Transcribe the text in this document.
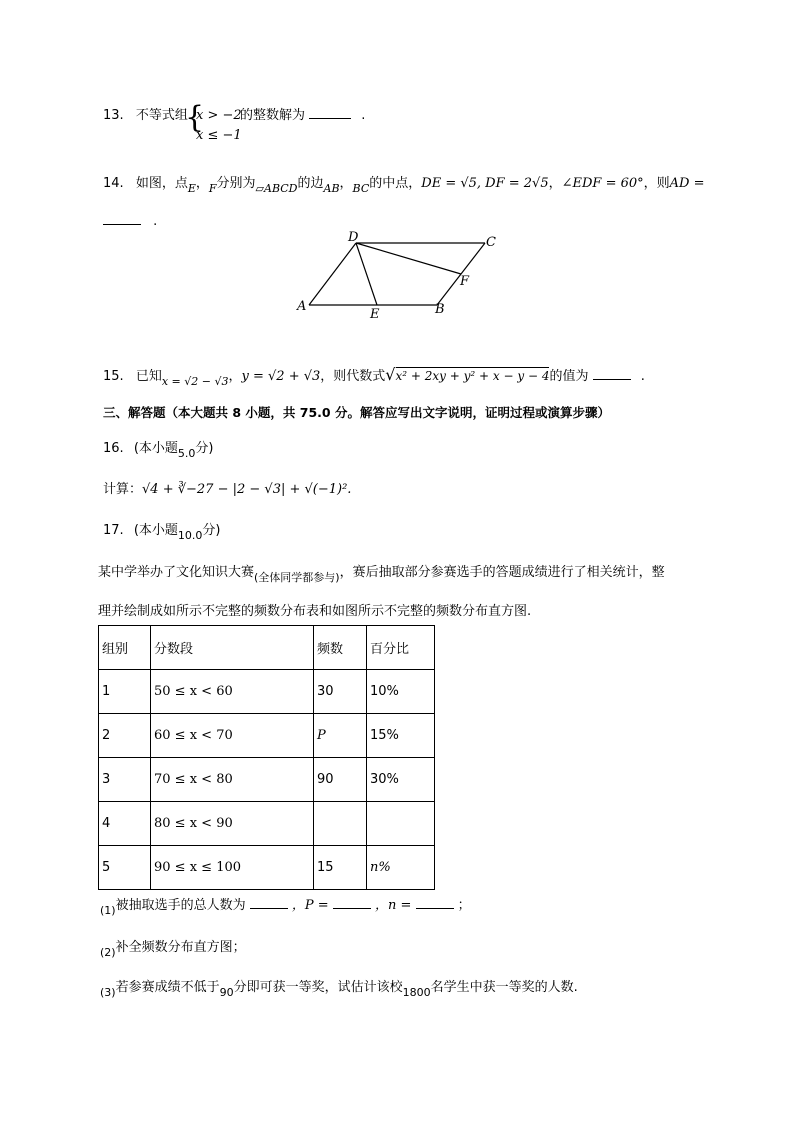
13. 不等式组
{
x > −2
x ≤ −1
的整数解为	.
14. 如图，点$_E$，$_F$分别为$_{▱ABCD}$的边$_{AB}$，$_{BC}$的中点，DE = √5, DF = 2√5，∠EDF = 60°，则AD =
.
A
D	C
F
E	B
15. 已知$_{x = √2 - √3}$，y = √2 + √3，则代数式√x² + 2xy + y² + x − y − 4的值为	.
三、解答题（本大题共 8 小题，共 75.0 分。解答应写出文字说明，证明过程或演算步骤）
16. (本小题$_{5.0}$分)
计算：√4 + ∛−27 − |2 − √3| + √(−1)².
17. (本小题$_{10.0}$分)
某中学举办了文化知识大赛$_{(全体同学都参与)}$，赛后抽取部分参赛选手的答题成绩进行了相关统计，整
理并绘制成如所示不完整的频数分布表和如图所示不完整的频数分布直方图.
组别	分数段	频数	百分比
1	50 ≤ x < 60	30	10%
2	60 ≤ x < 70	P	15%
3	70 ≤ x < 80	90	30%
4	80 ≤ x < 90		
5	90 ≤ x ≤ 100	15	n%
$_{(1)}$被抽取选手的总人数为	，P =	，n =	；
$_{(2)}$补全频数分布直方图；
$_{(3)}$若参赛成绩不低于$_{90}$分即可获一等奖，试估计该校$_{1800}$名学生中获一等奖的人数.
